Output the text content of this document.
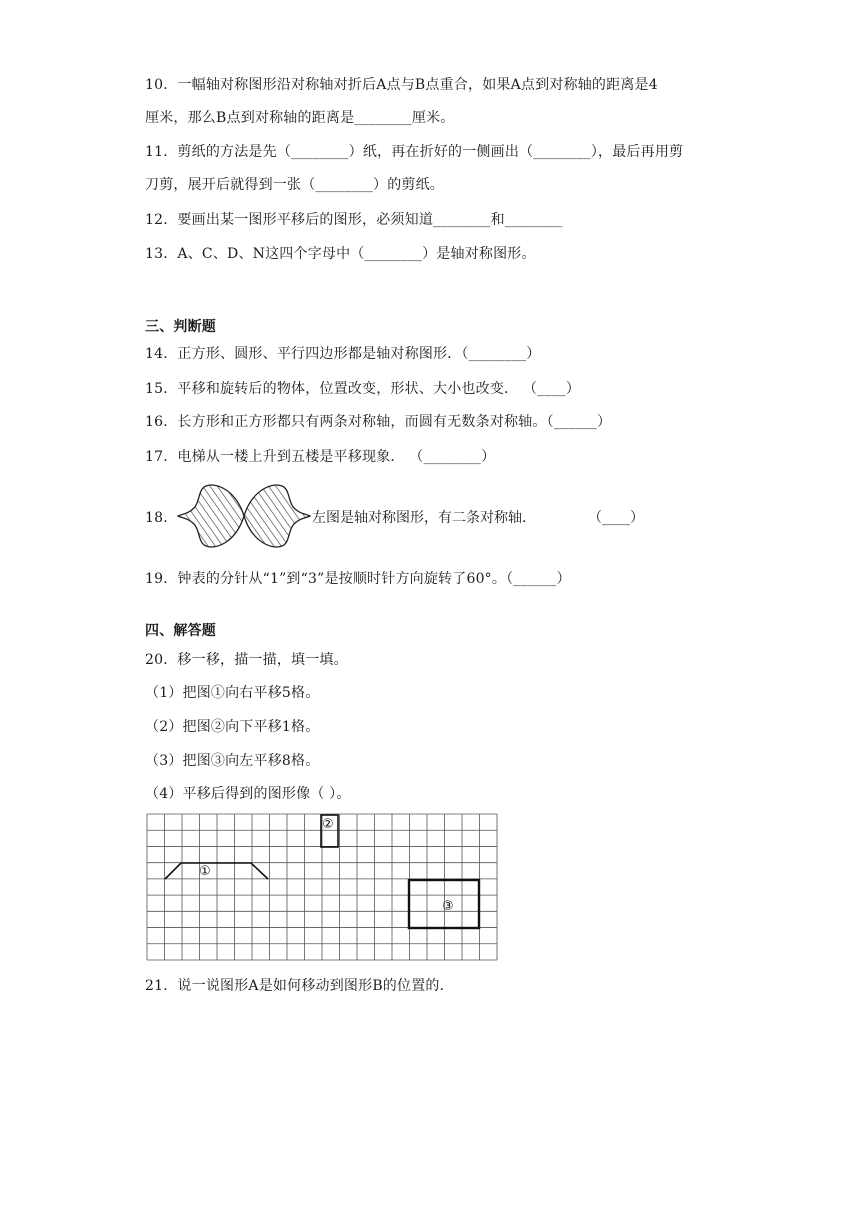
10．一幅轴对称图形沿对称轴对折后A点与B点重合，如果A点到对称轴的距离是4
厘米，那么B点到对称轴的距离是________厘米。
11．剪纸的方法是先（________）纸，再在折好的一侧画出（________），最后再用剪
刀剪，展开后就得到一张（________）的剪纸。
12．要画出某一图形平移后的图形，必须知道________和________
13．A、C、D、N这四个字母中（________）是轴对称图形。
三、判断题
14．正方形、圆形、平行四边形都是轴对称图形．（________）
15．平移和旋转后的物体，位置改变，形状、大小也改变． （____）
16．长方形和正方形都只有两条对称轴，而圆有无数条对称轴。（______）
17．电梯从一楼上升到五楼是平移现象． （________）
18．	左图是轴对称图形，有二条对称轴．	（____）
19．钟表的分针从“1”到“3”是按顺时针方向旋转了60°。（______）
四、解答题
20．移一移，描一描，填一填。
（1）把图①向右平移5格。
（2）把图②向下平移1格。
（3）把图③向左平移8格。
（4）平移后得到的图形像（ ）。
①
②
③
21．说一说图形A是如何移动到图形B的位置的．
